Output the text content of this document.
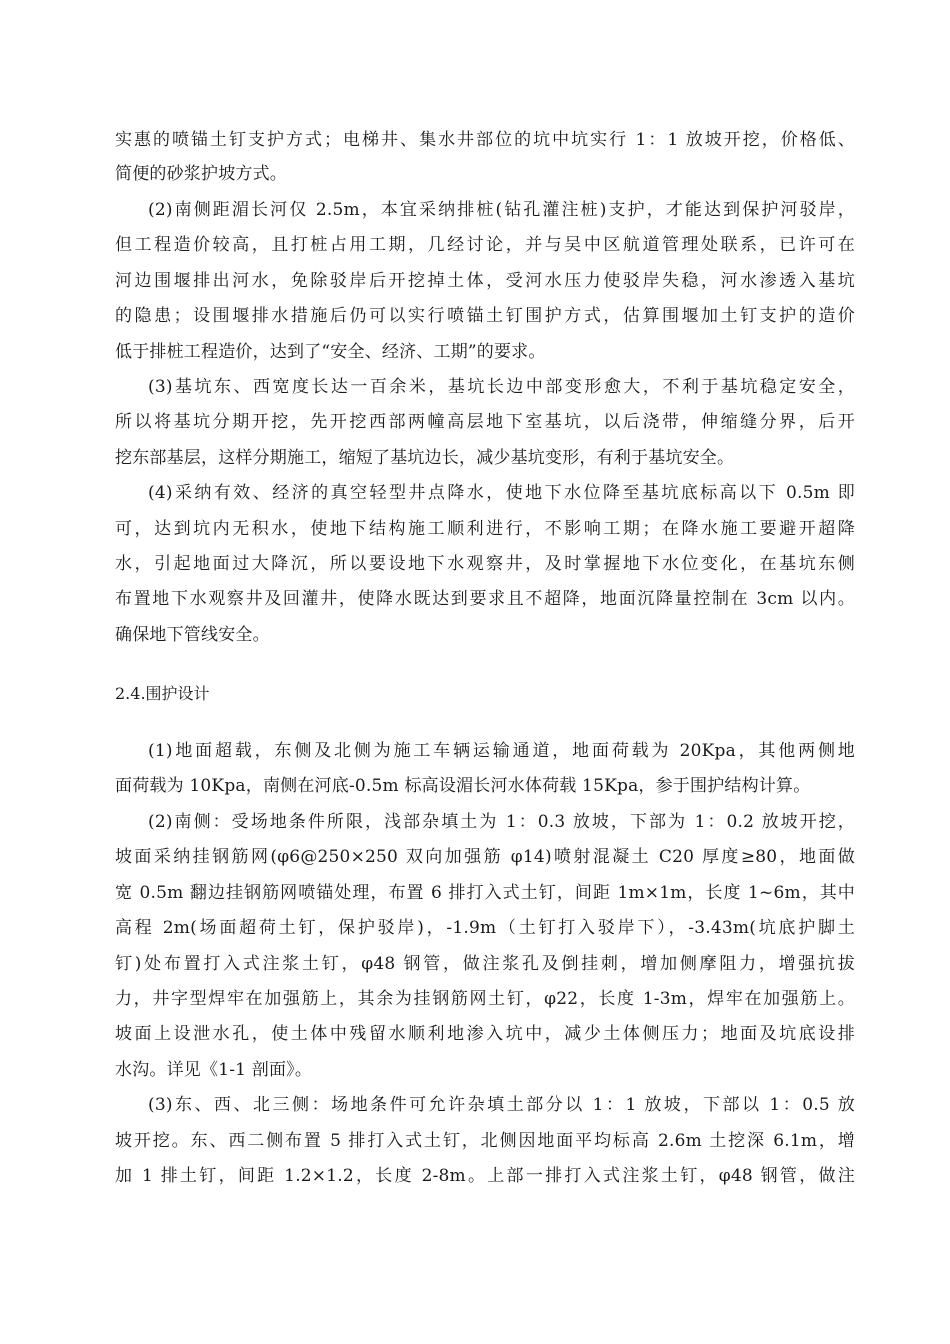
实惠的喷锚土钉支护方式；电梯井、集水井部位的坑中坑实行 1：1 放坡开挖，价格低、
简便的砂浆护坡方式。
(2)南侧距湄长河仅 2.5m，本宜采纳排桩(钻孔灌注桩)支护，才能达到保护河驳岸，
但工程造价较高，且打桩占用工期，几经讨论，并与吴中区航道管理处联系，已许可在
河边围堰排出河水，免除驳岸后开挖掉土体，受河水压力使驳岸失稳，河水渗透入基坑
的隐患；设围堰排水措施后仍可以实行喷锚土钉围护方式，估算围堰加土钉支护的造价
低于排桩工程造价，达到了“安全、经济、工期”的要求。
(3)基坑东、西宽度长达一百余米，基坑长边中部变形愈大，不利于基坑稳定安全，
所以将基坑分期开挖，先开挖西部两幢高层地下室基坑，以后浇带，伸缩缝分界，后开
挖东部基层，这样分期施工，缩短了基坑边长，减少基坑变形，有利于基坑安全。
(4)采纳有效、经济的真空轻型井点降水，使地下水位降至基坑底标高以下 0.5m 即
可，达到坑内无积水，使地下结构施工顺利进行，不影响工期；在降水施工要避开超降
水，引起地面过大降沉，所以要设地下水观察井，及时掌握地下水位变化，在基坑东侧
布置地下水观察井及回灌井，使降水既达到要求且不超降，地面沉降量控制在 3cm 以内。
确保地下管线安全。
2.4.围护设计
(1)地面超载，东侧及北侧为施工车辆运输通道，地面荷载为 20Kpa，其他两侧地
面荷载为 10Kpa，南侧在河底-0.5m 标高设湄长河水体荷载 15Kpa，参于围护结构计算。
(2)南侧：受场地条件所限，浅部杂填土为 1：0.3 放坡，下部为 1：0.2 放坡开挖，
坡面采纳挂钢筋网(φ6@250×250 双向加强筋 φ14)喷射混凝土 C20 厚度≥80，地面做
宽 0.5m 翻边挂钢筋网喷锚处理，布置 6 排打入式土钉，间距 1m×1m，长度 1~6m，其中
高程 2m(场面超荷土钉，保护驳岸)，-1.9m（土钉打入驳岸下），-3.43m(坑底护脚土
钉)处布置打入式注浆土钉，φ48 钢管，做注浆孔及倒挂刺，增加侧摩阻力，增强抗拔
力，井字型焊牢在加强筋上，其余为挂钢筋网土钉，φ22，长度 1-3m，焊牢在加强筋上。
坡面上设泄水孔，使土体中残留水顺利地渗入坑中，减少土体侧压力；地面及坑底设排
水沟。详见《1-1 剖面》。
(3)东、西、北三侧：场地条件可允许杂填土部分以 1：1 放坡，下部以 1：0.5 放
坡开挖。东、西二侧布置 5 排打入式土钉，北侧因地面平均标高 2.6m 土挖深 6.1m，增
加 1 排土钉，间距 1.2×1.2，长度 2-8m。上部一排打入式注浆土钉，φ48 钢管，做注
